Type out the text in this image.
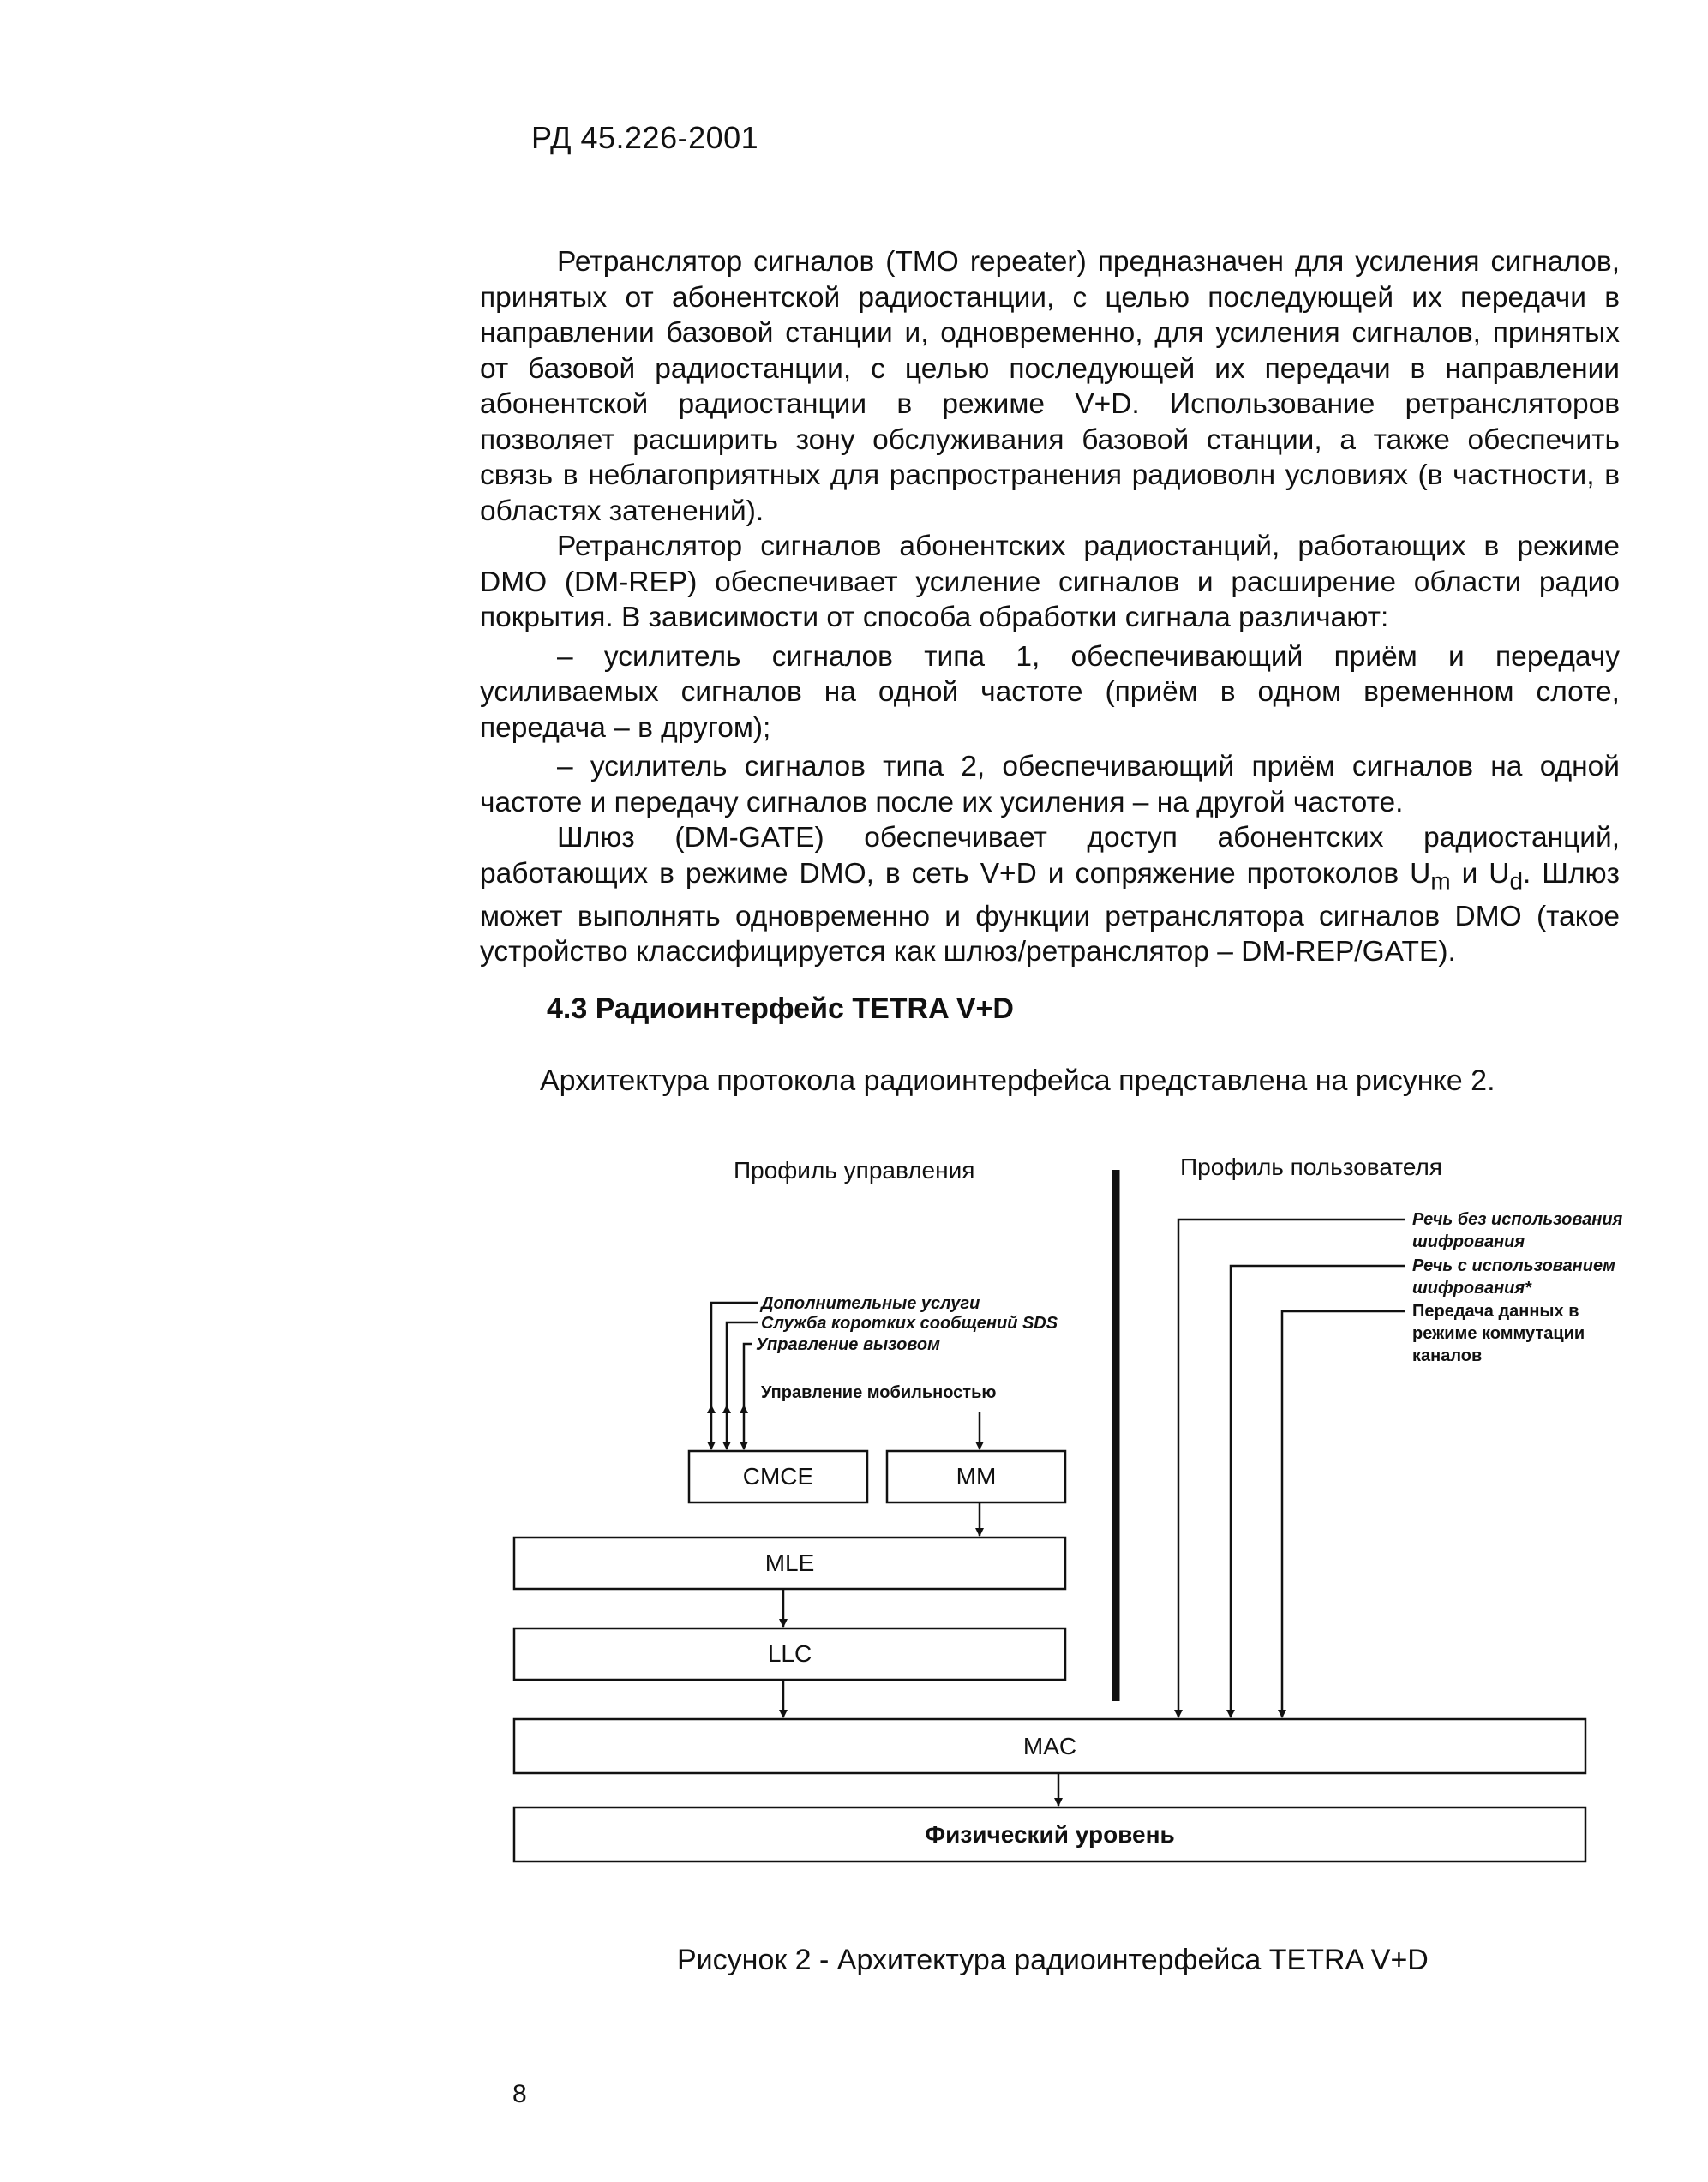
РД 45.226-2001

Ретранслятор сигналов (TMO repeater) предназначен для усиления сигналов, принятых от абонентской радиостанции, с целью последующей их передачи в направлении базовой станции и, одновременно, для усиления сигналов, принятых от базовой радиостанции, с целью последующей их передачи в направлении абонентской радиостанции в режиме V+D. Использование ретрансляторов позволяет расширить зону обслуживания базовой станции, а также обеспечить связь в неблагоприятных для распространения радиоволн условиях (в частности, в областях затенений).

Ретранслятор сигналов абонентских радиостанций, работающих в режиме DMO (DM-REP) обеспечивает усиление сигналов и расширение области радио покрытия. В зависимости от способа обработки сигнала различают:

– усилитель сигналов типа 1, обеспечивающий приём и передачу усиливаемых сигналов на одной частоте (приём в одном временном слоте, передача – в другом);

– усилитель сигналов типа 2, обеспечивающий приём сигналов на одной частоте и передачу сигналов после их усиления – на другой частоте.

Шлюз (DM-GATE) обеспечивает доступ абонентских радиостанций, работающих в режиме DMO, в сеть V+D и сопряжение протоколов $U_m$ и $U_d$. Шлюз может выполнять одновременно и функции ретранслятора сигналов DMO (такое устройство классифицируется как шлюз/ретранслятор – DM-REP/GATE).

4.3 Радиоинтерфейс TETRA V+D
Архитектура протокола радиоинтерфейса представлена на рисунке 2.
Профиль управления	Профиль пользователя
Дополнительные услуги
Служба коротких сообщений SDS
Управление вызовом
Управление мобильностью
Речь без использования шифрования
Речь с использованием шифрования*
Передача данных в режиме коммутации каналов
CMCE	MM
MLE
LLC
MAC
Физический уровень
Рисунок 2 - Архитектура радиоинтерфейса TETRA V+D
8
